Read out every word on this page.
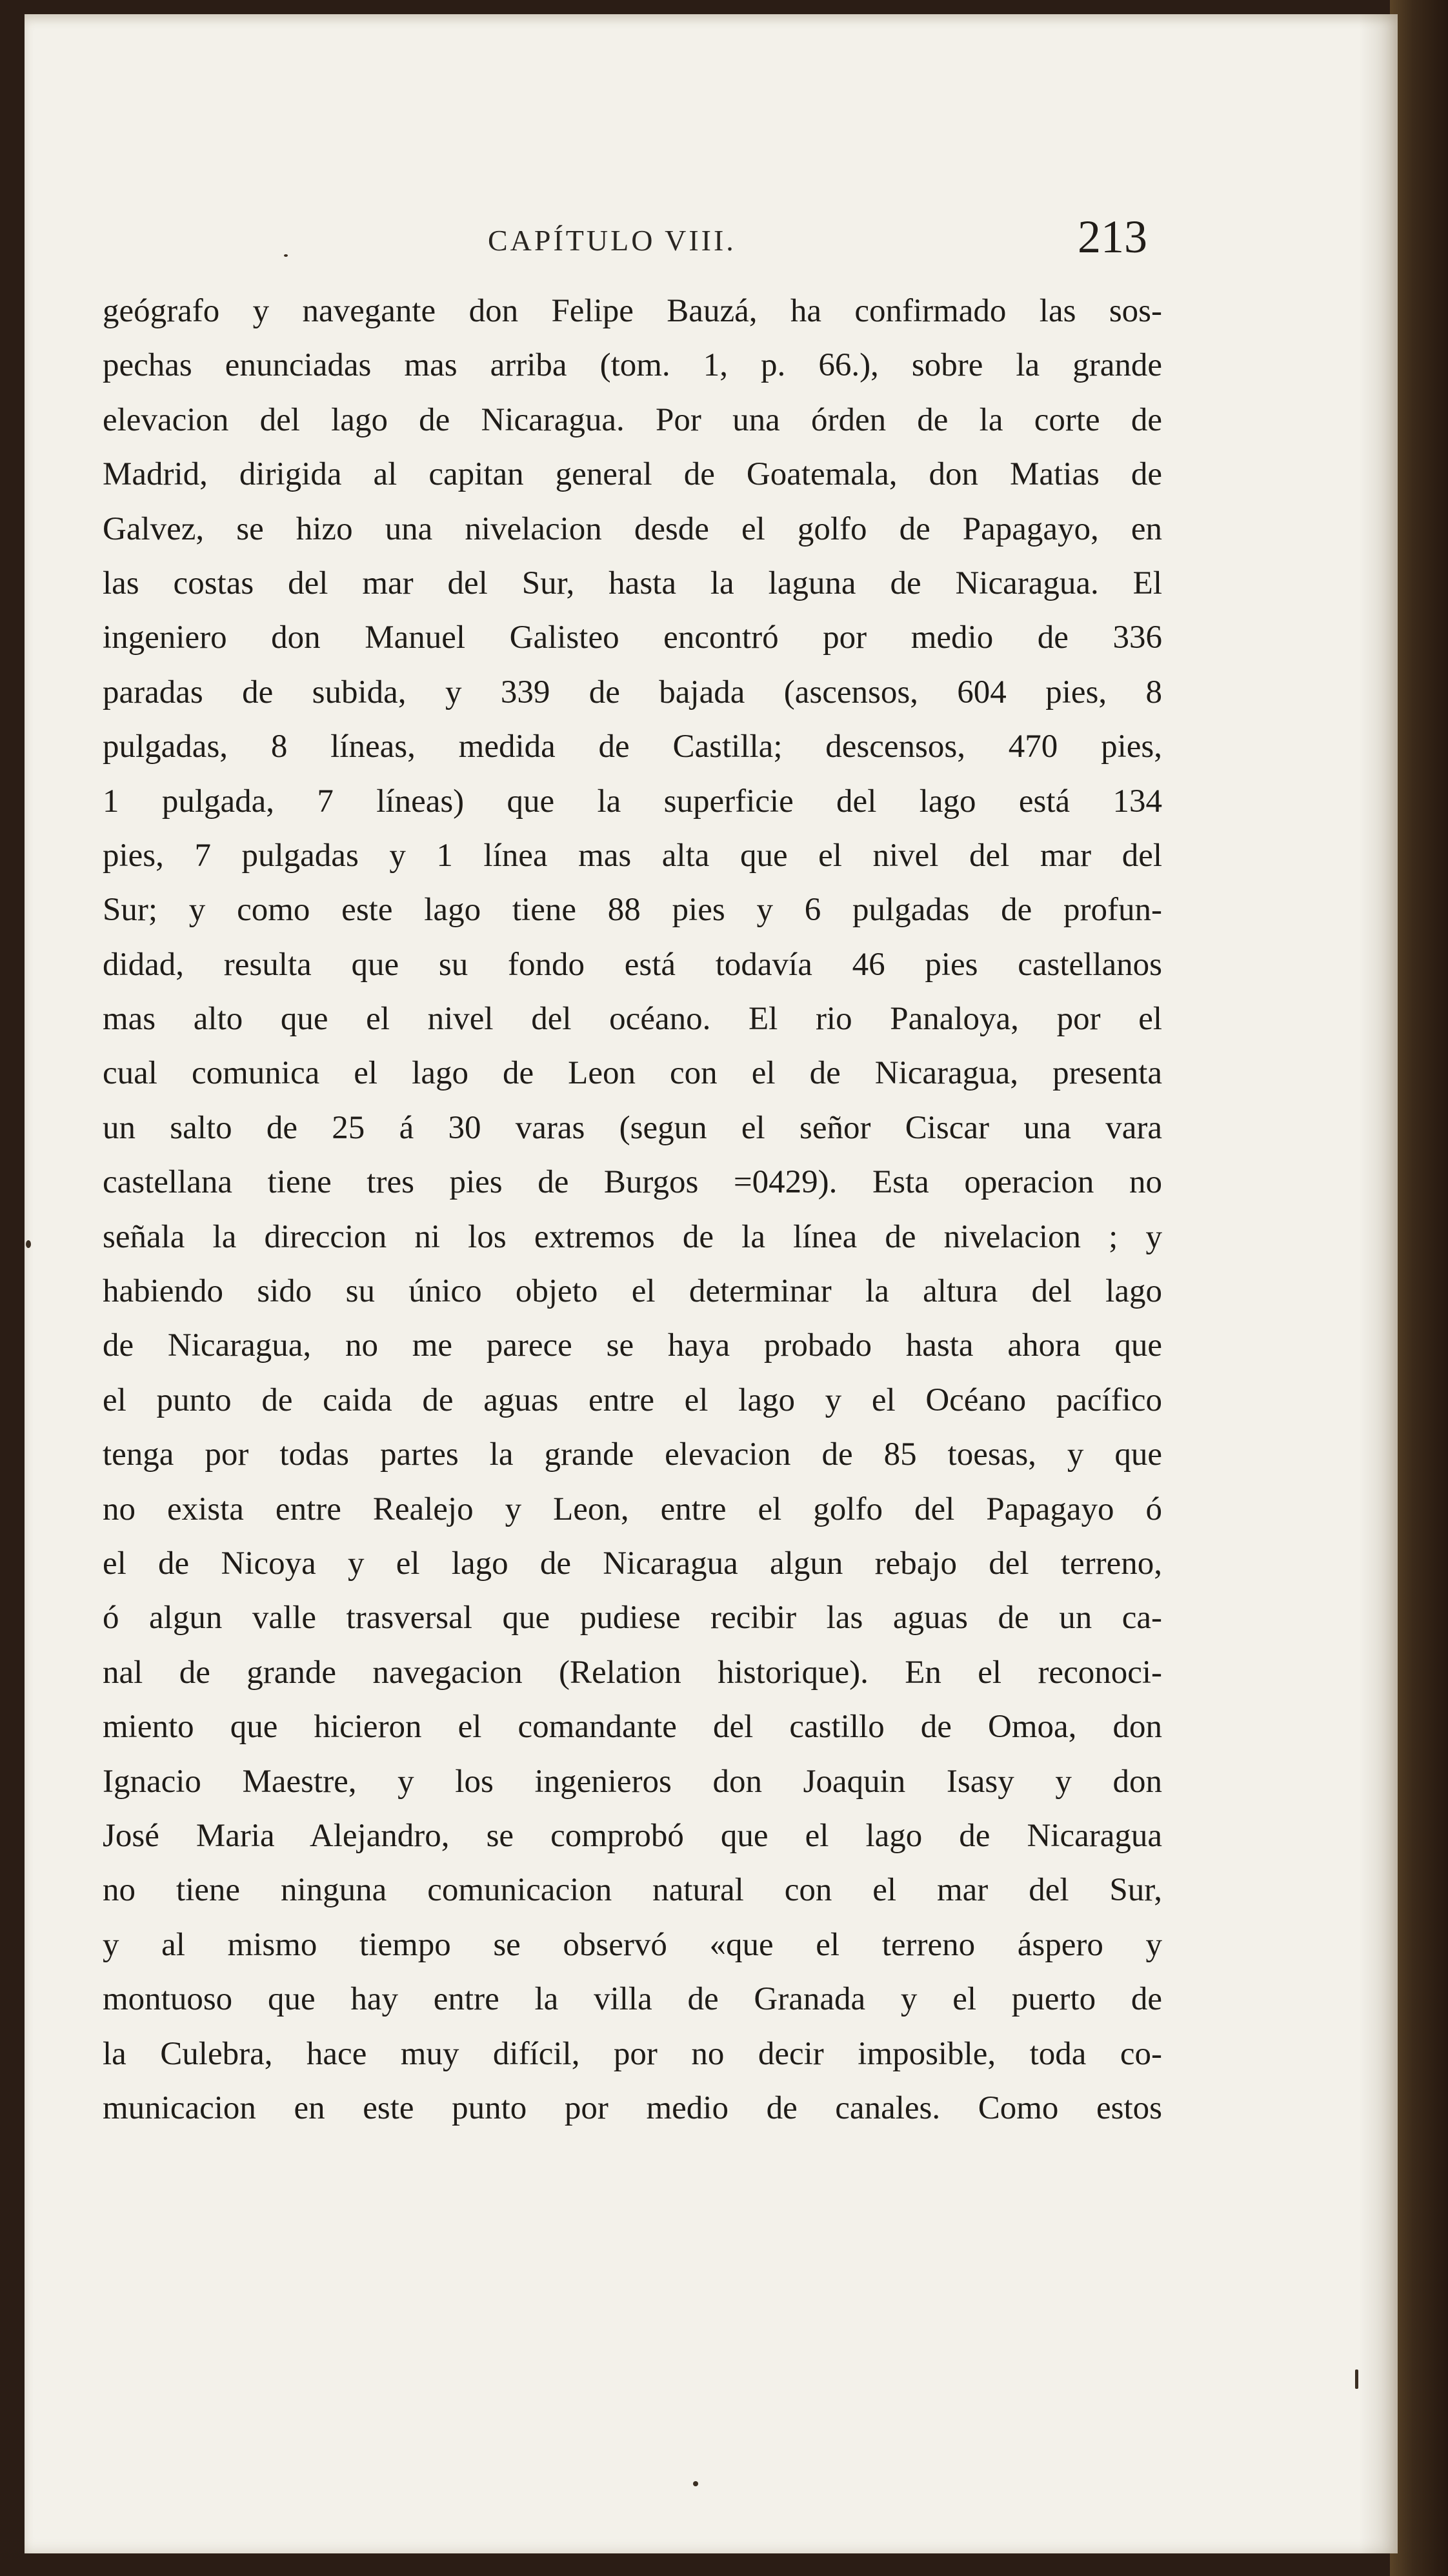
CAPÍTULO VIII.	213
geógrafo y navegante don Felipe Bauzá, ha confirmado las sos-
pechas enunciadas mas arriba (tom. 1, p. 66.), sobre la grande
elevacion del lago de Nicaragua. Por una órden de la corte de
Madrid, dirigida al capitan general de Goatemala, don Matias de
Galvez, se hizo una nivelacion desde el golfo de Papagayo, en
las costas del mar del Sur, hasta la laguna de Nicaragua. El
ingeniero don Manuel Galisteo encontró por medio de 336
paradas de subida, y 339 de bajada (ascensos, 604 pies, 8
pulgadas, 8 líneas, medida de Castilla; descensos, 470 pies,
1 pulgada, 7 líneas) que la superficie del lago está 134
pies, 7 pulgadas y 1 línea mas alta que el nivel del mar del
Sur; y como este lago tiene 88 pies y 6 pulgadas de profun-
didad, resulta que su fondo está todavía 46 pies castellanos
mas alto que el nivel del océano. El rio Panaloya, por el
cual comunica el lago de Leon con el de Nicaragua, presenta
un salto de 25 á 30 varas (segun el señor Ciscar una vara
castellana tiene tres pies de Burgos =0429). Esta operacion no
señala la direccion ni los extremos de la línea de nivelacion ; y
habiendo sido su único objeto el determinar la altura del lago
de Nicaragua, no me parece se haya probado hasta ahora que
el punto de caida de aguas entre el lago y el Océano pacífico
tenga por todas partes la grande elevacion de 85 toesas, y que
no exista entre Realejo y Leon, entre el golfo del Papagayo ó
el de Nicoya y el lago de Nicaragua algun rebajo del terreno,
ó algun valle trasversal que pudiese recibir las aguas de un ca-
nal de grande navegacion (Relation historique). En el reconoci-
miento que hicieron el comandante del castillo de Omoa, don
Ignacio Maestre, y los ingenieros don Joaquin Isasy y don
José Maria Alejandro, se comprobó que el lago de Nicaragua
no tiene ninguna comunicacion natural con el mar del Sur,
y al mismo tiempo se observó «que el terreno áspero y
montuoso que hay entre la villa de Granada y el puerto de
la Culebra, hace muy difícil, por no decir imposible, toda co-
municacion en este punto por medio de canales. Como estos
